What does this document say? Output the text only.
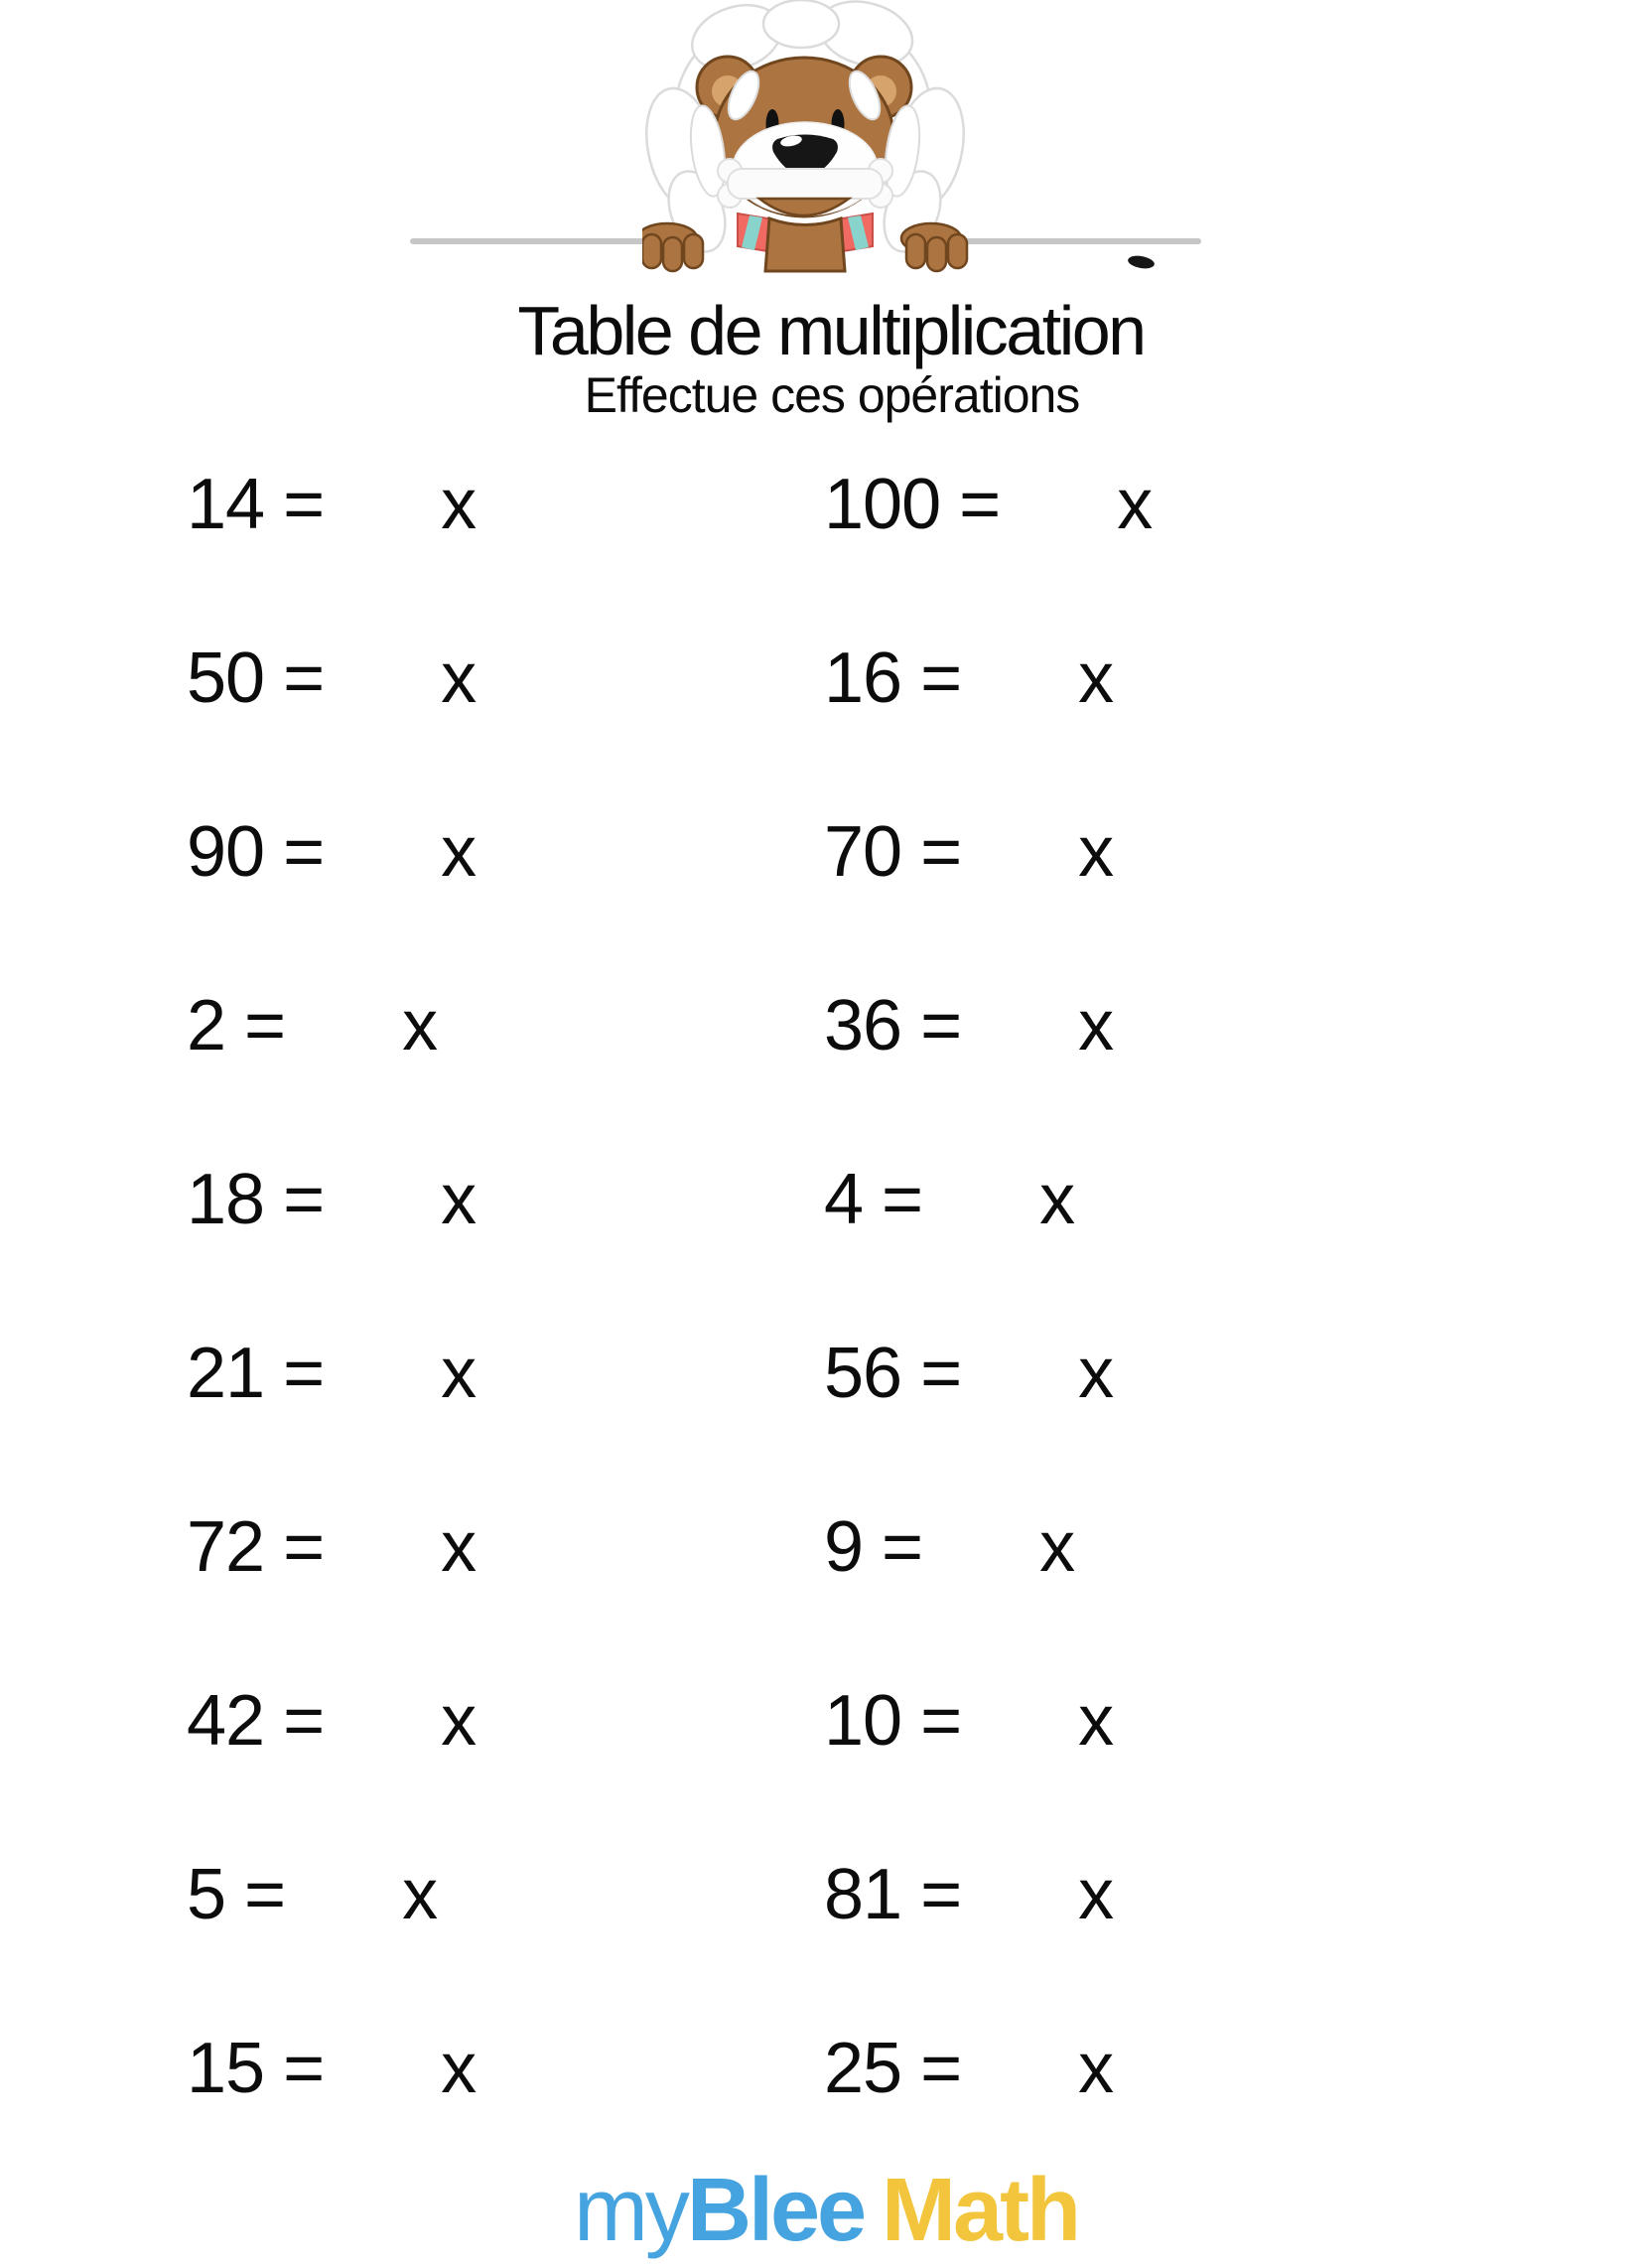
Table de multiplication
Effectue ces opérations
14 = x	100 = x
50 = x	16 = x
90 = x	70 = x
2 = x	36 = x
18 = x	4 = x
21 = x	56 = x
72 = x	9 = x
42 = x	10 = x
5 = x	81 = x
15 = x	25 = x
myBlee Math
